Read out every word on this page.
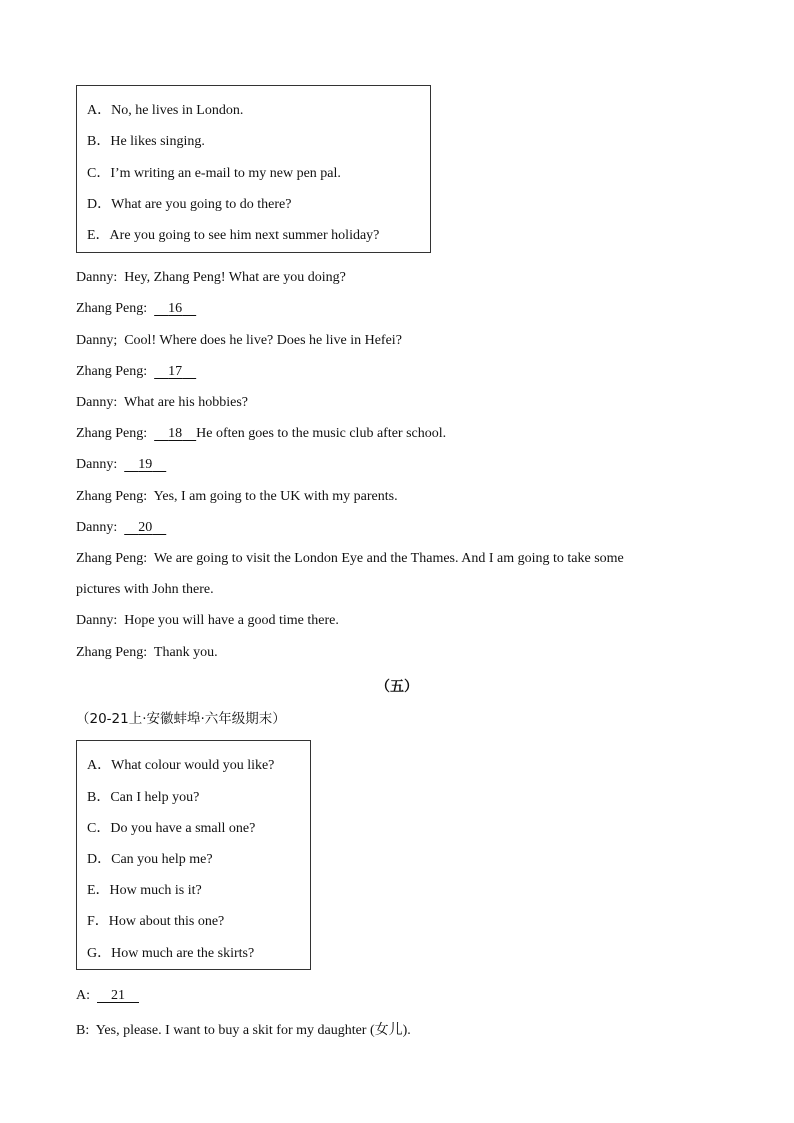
A．No, he lives in London.
B．He likes singing.
C．I’m writing an e-mail to my new pen pal.
D．What are you going to do there?
E．Are you going to see him next summer holiday?
Danny: Hey, Zhang Peng! What are you doing?
Zhang Peng: 16
Danny; Cool! Where does he live? Does he live in Hefei?
Zhang Peng: 17
Danny: What are his hobbies?
Zhang Peng: 18 He often goes to the music club after school.
Danny: 19
Zhang Peng: Yes, I am going to the UK with my parents.
Danny: 20
Zhang Peng: We are going to visit the London Eye and the Thames. And I am going to take some
pictures with John there.
Danny: Hope you will have a good time there.
Zhang Peng: Thank you.
（五）
（20-21上·安徽蚌埠·六年级期末）
A．What colour would you like?
B．Can I help you?
C．Do you have a small one?
D．Can you help me?
E．How much is it?
F．How about this one?
G．How much are the skirts?
A: 21
B: Yes, please. I want to buy a skit for my daughter (女儿).
